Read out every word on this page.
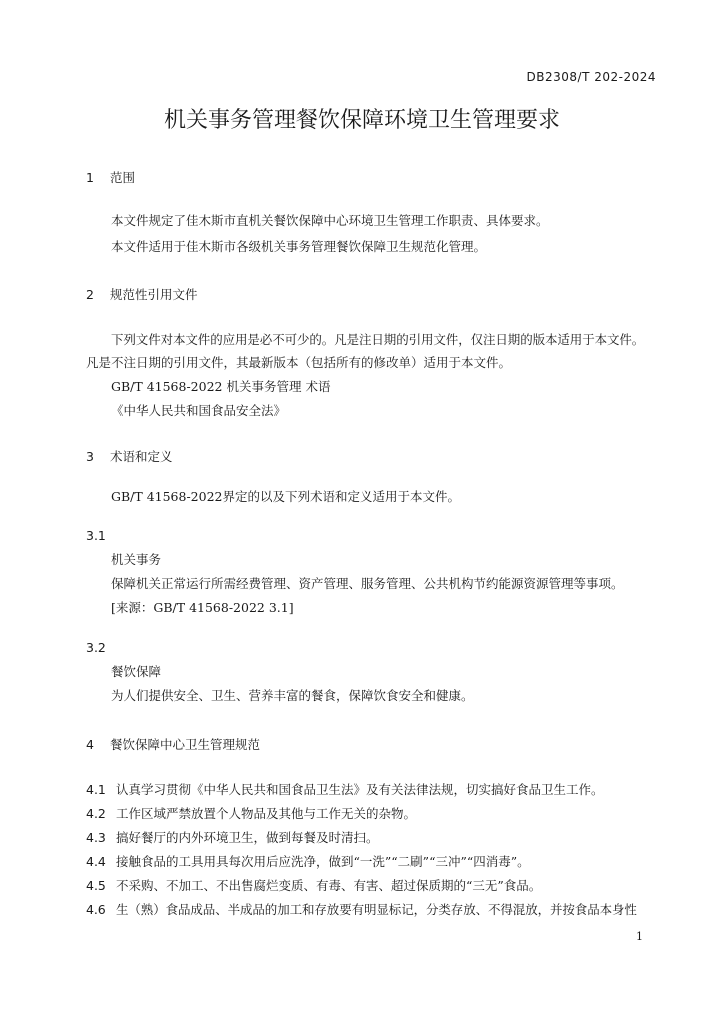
DB2308/T 202-2024
机关事务管理餐饮保障环境卫生管理要求
1 范围
本文件规定了佳木斯市直机关餐饮保障中心环境卫生管理工作职责、具体要求。
本文件适用于佳木斯市各级机关事务管理餐饮保障卫生规范化管理。
2 规范性引用文件
下列文件对本文件的应用是必不可少的。凡是注日期的引用文件，仅注日期的版本适用于本文件。
凡是不注日期的引用文件，其最新版本（包括所有的修改单）适用于本文件。
GB/T 41568-2022 机关事务管理 术语
《中华人民共和国食品安全法》
3 术语和定义
GB/T 41568-2022界定的以及下列术语和定义适用于本文件。
3.1
机关事务
保障机关正常运行所需经费管理、资产管理、服务管理、公共机构节约能源资源管理等事项。
[来源：GB/T 41568-2022 3.1]
3.2
餐饮保障
为人们提供安全、卫生、营养丰富的餐食，保障饮食安全和健康。
4 餐饮保障中心卫生管理规范
4.1 认真学习贯彻《中华人民共和国食品卫生法》及有关法律法规，切实搞好食品卫生工作。
4.2 工作区域严禁放置个人物品及其他与工作无关的杂物。
4.3 搞好餐厅的内外环境卫生，做到每餐及时清扫。
4.4 接触食品的工具用具每次用后应洗净，做到“一洗”“二刷”“三冲”“四消毒”。
4.5 不采购、不加工、不出售腐烂变质、有毒、有害、超过保质期的“三无”食品。
4.6 生（熟）食品成品、半成品的加工和存放要有明显标记，分类存放、不得混放，并按食品本身性
1
